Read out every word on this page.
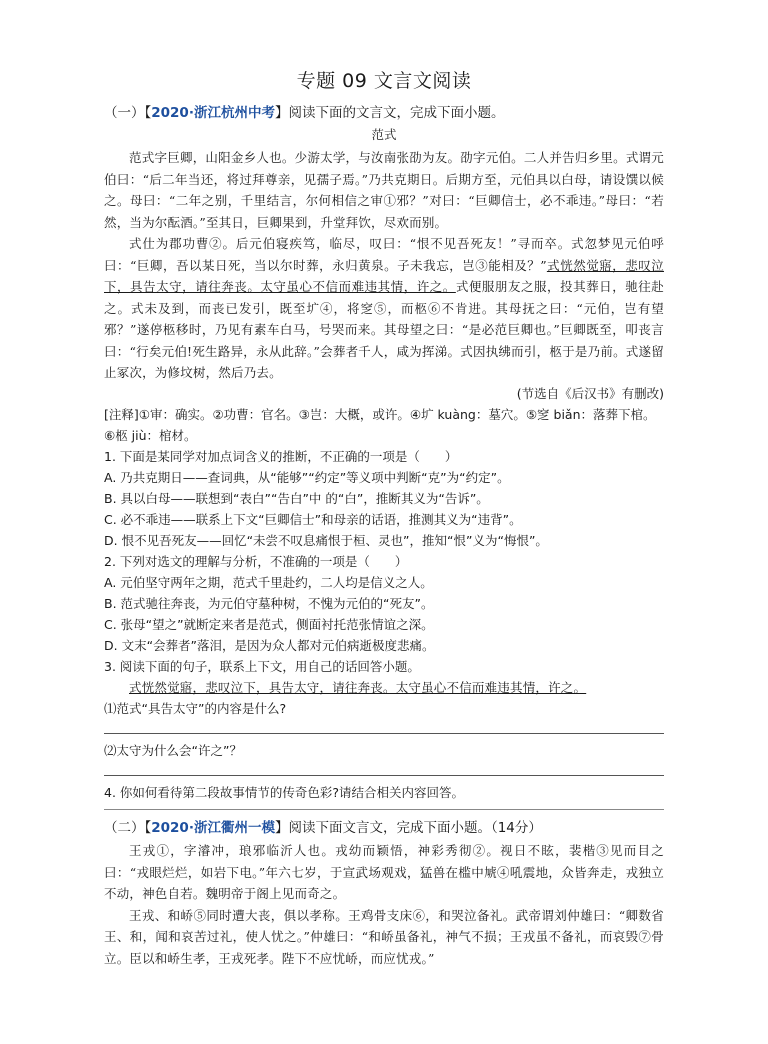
专题 09 文言文阅读
（一）【2020·浙江杭州中考】阅读下面的文言文，完成下面小题。
范式

范式字巨卿，山阳金乡人也。少游太学，与汝南张劭为友。劭字元伯。二人并告归乡里。式谓元伯曰：“后二年当还，将过拜尊亲，见孺子焉。”乃共克期日。后期方至，元伯具以白母，请设馔以候之。母曰：“二年之别，千里结言，尔何相信之审①邪？”对曰：“巨卿信士，必不乖违。”母曰：“若然，当为尔酝酒。”至其日，巨卿果到，升堂拜饮，尽欢而别。

式仕为郡功曹②。后元伯寝疾笃，临尽，叹曰：“恨不见吾死友！”寻而卒。式忽梦见元伯呼曰：“巨卿，吾以某日死，当以尔时葬，永归黄泉。子未我忘，岂③能相及？”式恍然觉寤，悲叹泣下，具告太守，请往奔丧。太守虽心不信而难违其情，许之。式便服朋友之服，投其葬日，驰往赴之。式未及到，而丧已发引，既至圹④，将窆⑤，而柩⑥不肯进。其母抚之曰：“元伯，岂有望邪？”遂停柩移时，乃见有素车白马，号哭而来。其母望之曰：“是必范巨卿也。”巨卿既至，叩丧言曰：“行矣元伯!死生路异，永从此辞。”会葬者千人，咸为挥涕。式因执绋而引，柩于是乃前。式遂留止冢次，为修坟树，然后乃去。

(节选自《后汉书》有删改)

[注释]①审：确实。②功曹：官名。③岂：大概，或许。④圹 kuàng：墓穴。⑤窆 biǎn：落葬下棺。⑥柩 jiù：棺材。

1. 下面是某同学对加点词含义的推断，不正确的一项是（　　）

A. 乃共克期日——查词典，从“能够”“约定”等义项中判断“克”为“约定”。

B. 具以白母——联想到“表白”“告白”中 的“白”，推断其义为“告诉”。

C. 必不乖违——联系上下文“巨卿信士”和母亲的话语，推测其义为“违背”。

D. 恨不见吾死友——回忆“未尝不叹息痛恨于桓、灵也”，推知“恨”义为“悔恨”。

2. 下列对选文的理解与分析，不准确的一项是（　　）

A. 元伯坚守两年之期，范式千里赴约，二人均是信义之人。

B. 范式驰往奔丧，为元伯守墓种树，不愧为元伯的“死友”。

C. 张母“望之”就断定来者是范式，侧面衬托范张情谊之深。

D. 文末“会葬者”落泪，是因为众人都对元伯病逝极度悲痛。

3. 阅读下面的句子，联系上下文，用自己的话回答小题。

式恍然觉寤，悲叹泣下，具告太守，请往奔丧。太守虽心不信而难违其情，许之。

⑴范式“具告太守”的内容是什么?

⑵太守为什么会“许之”？

4. 你如何看待第二段故事情节的传奇色彩?请结合相关内容回答。

（二）【2020·浙江衢州一模】阅读下面文言文，完成下面小题。（14分）

王戎①，字濬冲，琅邪临沂人也。戎幼而颖悟，神彩秀彻②。视日不眩，裴楷③见而目之曰：“戎眼烂烂，如岩下电。”年六七岁，于宣武场观戏，猛兽在槛中虓④吼震地，众皆奔走，戎独立不动，神色自若。魏明帝于阁上见而奇之。

王戎、和峤⑤同时遭大丧，俱以孝称。王鸡骨支床⑥，和哭泣备礼。武帝谓刘仲雄曰：“卿数省王、和，闻和哀苦过礼，使人忧之。”仲雄曰：“和峤虽备礼，神气不损；王戎虽不备礼，而哀毁⑦骨立。臣以和峤生孝，王戎死孝。陛下不应忧峤，而应忧戎。”
